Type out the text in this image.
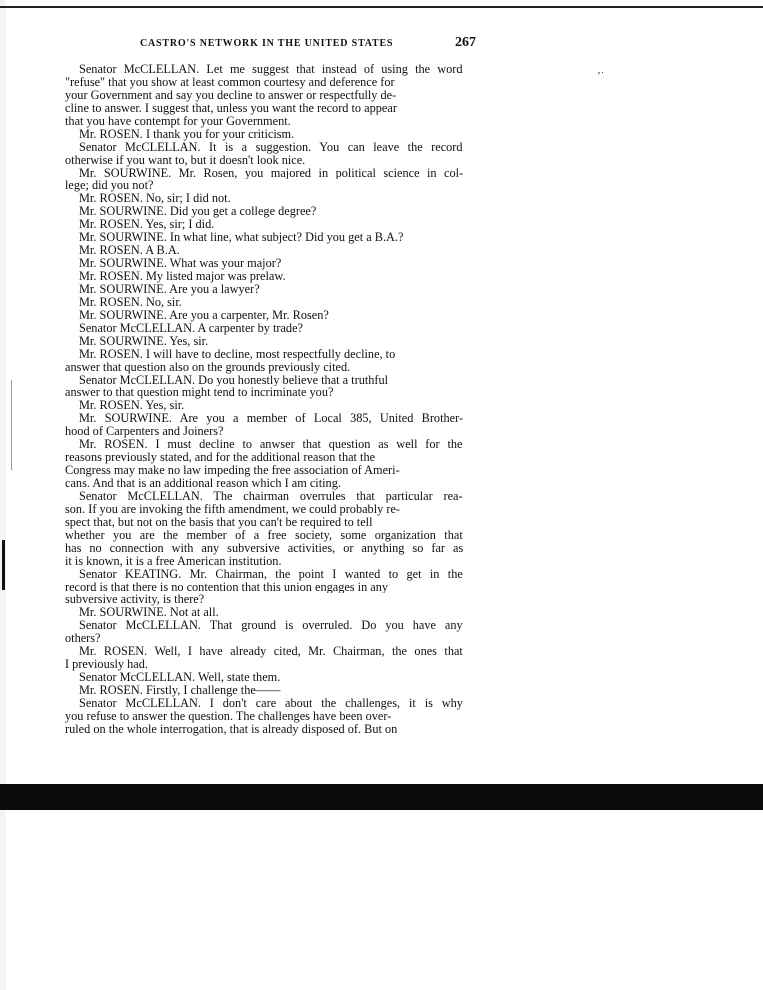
’˙
CASTRO'S NETWORK IN THE UNITED STATES	267
Senator McCLELLAN. Let me suggest that instead of using the word
"refuse" that you show at least common courtesy and deference for
your Government and say you decline to answer or respectfully de-
cline to answer. I suggest that, unless you want the record to appear
that you have contempt for your Government.
Mr. ROSEN. I thank you for your criticism.
Senator McCLELLAN. It is a suggestion. You can leave the record
otherwise if you want to, but it doesn't look nice.
Mr. SOURWINE. Mr. Rosen, you majored in political science in col-
lege; did you not?
Mr. ROSEN. No, sir; I did not.
Mr. SOURWINE. Did you get a college degree?
Mr. ROSEN. Yes, sir; I did.
Mr. SOURWINE. In what line, what subject? Did you get a B.A.?
Mr. ROSEN. A B.A.
Mr. SOURWINE. What was your major?
Mr. ROSEN. My listed major was prelaw.
Mr. SOURWINE. Are you a lawyer?
Mr. ROSEN. No, sir.
Mr. SOURWINE. Are you a carpenter, Mr. Rosen?
Senator McCLELLAN. A carpenter by trade?
Mr. SOURWINE. Yes, sir.
Mr. ROSEN. I will have to decline, most respectfully decline, to
answer that question also on the grounds previously cited.
Senator McCLELLAN. Do you honestly believe that a truthful
answer to that question might tend to incriminate you?
Mr. ROSEN. Yes, sir.
Mr. SOURWINE. Are you a member of Local 385, United Brother-
hood of Carpenters and Joiners?
Mr. ROSEN. I must decline to anwser that question as well for the
reasons previously stated, and for the additional reason that the
Congress may make no law impeding the free association of Ameri-
cans. And that is an additional reason which I am citing.
Senator McCLELLAN. The chairman overrules that particular rea-
son. If you are invoking the fifth amendment, we could probably re-
spect that, but not on the basis that you can't be required to tell
whether you are the member of a free society, some organization that
has no connection with any subversive activities, or anything so far as
it is known, it is a free American institution.
Senator KEATING. Mr. Chairman, the point I wanted to get in the
record is that there is no contention that this union engages in any
subversive activity, is there?
Mr. SOURWINE. Not at all.
Senator McCLELLAN. That ground is overruled. Do you have any
others?
Mr. ROSEN. Well, I have already cited, Mr. Chairman, the ones that
I previously had.
Senator McCLELLAN. Well, state them.
Mr. ROSEN. Firstly, I challenge the——
Senator McCLELLAN. I don't care about the challenges, it is why
you refuse to answer the question. The challenges have been over-
ruled on the whole interrogation, that is already disposed of. But on
